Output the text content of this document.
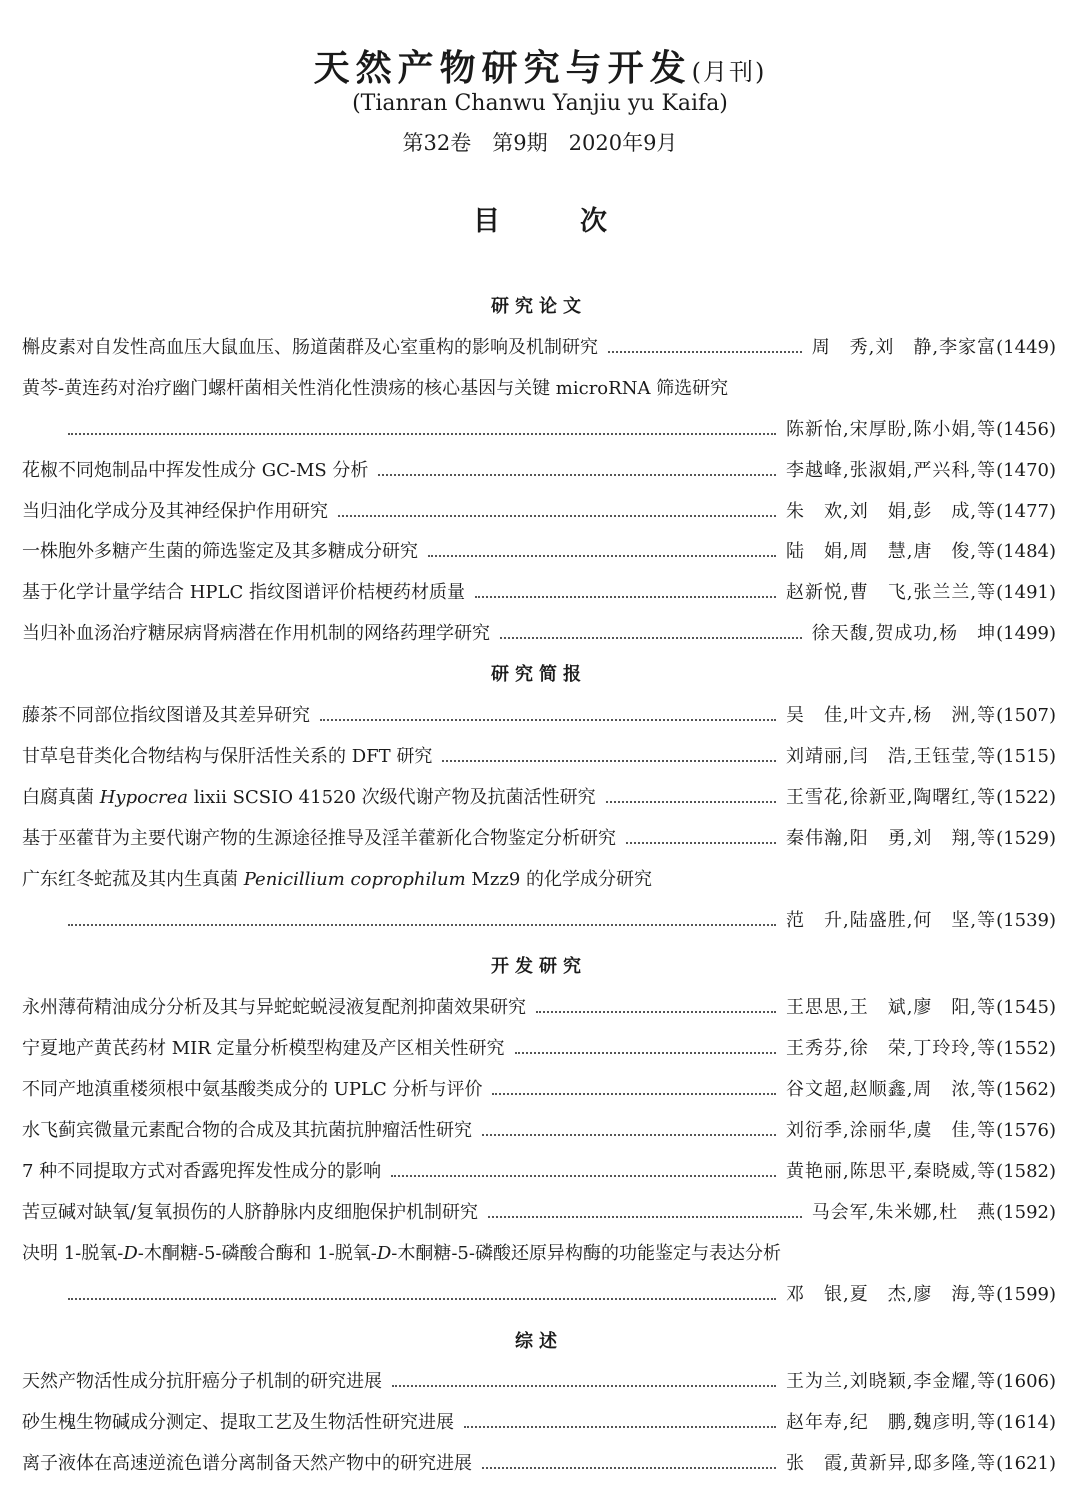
天然产物研究与开发(月刊)
(Tianran Chanwu Yanjiu yu Kaifa)
第32卷　第9期　2020年9月
目次
研究论文
槲皮素对自发性高血压大鼠血压、肠道菌群及心室重构的影响及机制研究	周　秀,刘　静,李家富 (1449)
黄芩-黄连药对治疗幽门螺杆菌相关性消化性溃疡的核心基因与关键 microRNA 筛选研究
陈新怡,宋厚盼,陈小娟,等 (1456)
花椒不同炮制品中挥发性成分 GC-MS 分析	李越峰,张淑娟,严兴科,等 (1470)
当归油化学成分及其神经保护作用研究	朱　欢,刘　娟,彭　成,等 (1477)
一株胞外多糖产生菌的筛选鉴定及其多糖成分研究	陆　娟,周　慧,唐　俊,等 (1484)
基于化学计量学结合 HPLC 指纹图谱评价桔梗药材质量	赵新悦,曹　飞,张兰兰,等 (1491)
当归补血汤治疗糖尿病肾病潜在作用机制的网络药理学研究	徐天馥,贺成功,杨　坤 (1499)
研究简报
藤茶不同部位指纹图谱及其差异研究	吴　佳,叶文卉,杨　洲,等 (1507)
甘草皂苷类化合物结构与保肝活性关系的 DFT 研究	刘靖丽,闫　浩,王钰莹,等 (1515)
白腐真菌 Hypocrea lixii SCSIO 41520 次级代谢产物及抗菌活性研究	王雪花,徐新亚,陶曙红,等 (1522)
基于巫藿苷为主要代谢产物的生源途径推导及淫羊藿新化合物鉴定分析研究	秦伟瀚,阳　勇,刘　翔,等 (1529)
广东红冬蛇菰及其内生真菌 Penicillium coprophilum Mzz9 的化学成分研究
范　升,陆盛胜,何　坚,等 (1539)
开发研究
永州薄荷精油成分分析及其与异蛇蛇蜕浸液复配剂抑菌效果研究	王思思,王　斌,廖　阳,等 (1545)
宁夏地产黄芪药材 MIR 定量分析模型构建及产区相关性研究	王秀芬,徐　荣,丁玲玲,等 (1552)
不同产地滇重楼须根中氨基酸类成分的 UPLC 分析与评价	谷文超,赵顺鑫,周　浓,等 (1562)
水飞蓟宾微量元素配合物的合成及其抗菌抗肿瘤活性研究	刘衍季,涂丽华,虞　佳,等 (1576)
7 种不同提取方式对香露兜挥发性成分的影响	黄艳丽,陈思平,秦晓威,等 (1582)
苦豆碱对缺氧/复氧损伤的人脐静脉内皮细胞保护机制研究	马会军,朱米娜,杜　燕 (1592)
决明 1-脱氧-D-木酮糖-5-磷酸合酶和 1-脱氧-D-木酮糖-5-磷酸还原异构酶的功能鉴定与表达分析
邓　银,夏　杰,廖　海,等 (1599)
综述
天然产物活性成分抗肝癌分子机制的研究进展	王为兰,刘晓颖,李金耀,等 (1606)
砂生槐生物碱成分测定、提取工艺及生物活性研究进展	赵年寿,纪　鹏,魏彦明,等 (1614)
离子液体在高速逆流色谱分离制备天然产物中的研究进展	张　霞,黄新异,邸多隆,等 (1621)
